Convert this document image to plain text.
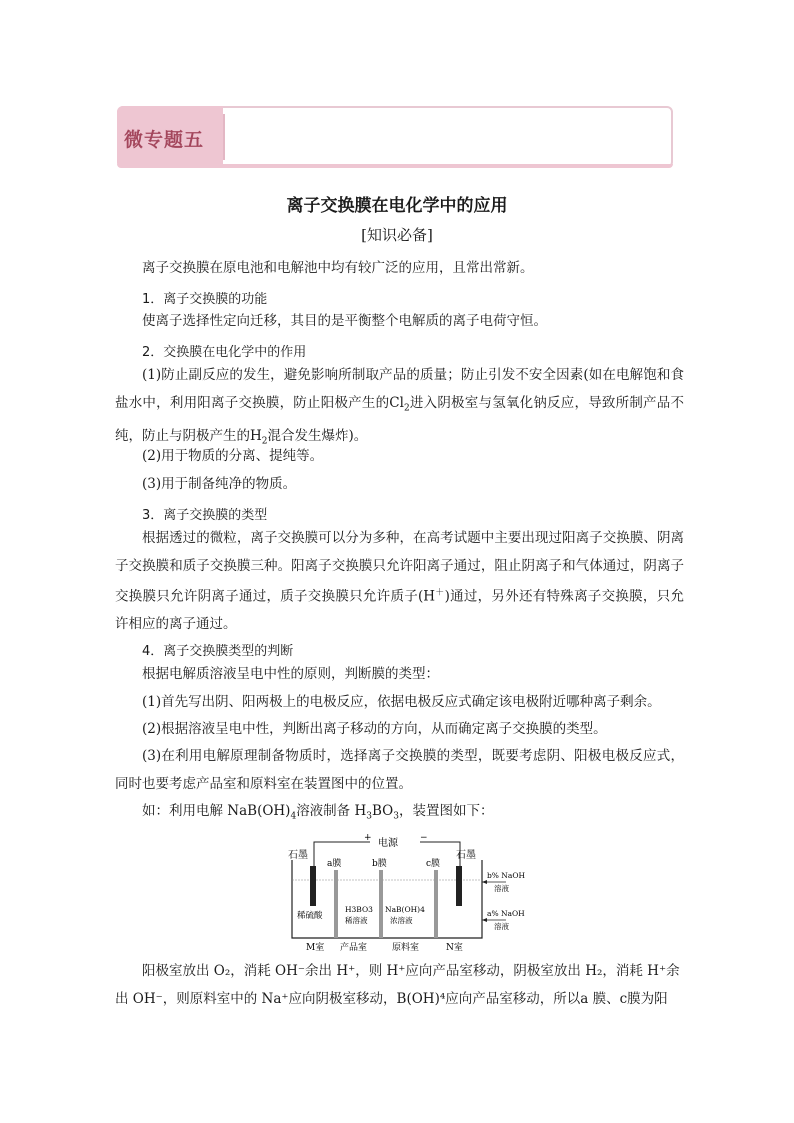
微专题五
离子交换膜在电化学中的应用
[知识必备]
离子交换膜在原电池和电解池中均有较广泛的应用，且常出常新。
1．离子交换膜的功能
使离子选择性定向迁移，其目的是平衡整个电解质的离子电荷守恒。
2．交换膜在电化学中的作用
(1)防止副反应的发生，避免影响所制取产品的质量；防止引发不安全因素(如在电解饱和食盐水中，利用阳离子交换膜，防止阳极产生的$Cl_2$进入阴极室与氢氧化钠反应，导致所制产品不纯，防止与阴极产生的$H_2$混合发生爆炸)。
(2)用于物质的分离、提纯等。
(3)用于制备纯净的物质。
3．离子交换膜的类型
根据透过的微粒，离子交换膜可以分为多种，在高考试题中主要出现过阳离子交换膜、阴离子交换膜和质子交换膜三种。阳离子交换膜只允许阳离子通过，阻止阴离子和气体通过，阴离子交换膜只允许阴离子通过，质子交换膜只允许质子(H＋)通过，另外还有特殊离子交换膜，只允许相应的离子通过。
4．离子交换膜类型的判断
根据电解质溶液呈电中性的原则，判断膜的类型：
(1)首先写出阴、阳两极上的电极反应，依据电极反应式确定该电极附近哪种离子剩余。
(2)根据溶液呈电中性，判断出离子移动的方向，从而确定离子交换膜的类型。
(3)在利用电解原理制备物质时，选择离子交换膜的类型，既要考虑阴、阳极电极反应式，同时也要考虑产品室和原料室在装置图中的位置。
如：利用电解 $NaB(OH)_4$溶液制备 $H_3BO_3$，装置图如下：
+	−
电源
石墨	石墨
a膜	b膜	c膜
稀硫酸
H3BO3
稀溶液
NaB(OH)4
浓溶液
b% NaOH
溶液
a% NaOH
溶液
M室 产品室	原料室	N室
阳极室放出 O₂，消耗 OH⁻余出 H⁺，则 H⁺应向产品室移动，阴极室放出 H₂，消耗 H⁺余
出 OH⁻，则原料室中的 Na⁺应向阴极室移动，B(OH)⁴应向产品室移动，所以a 膜、c膜为阳
